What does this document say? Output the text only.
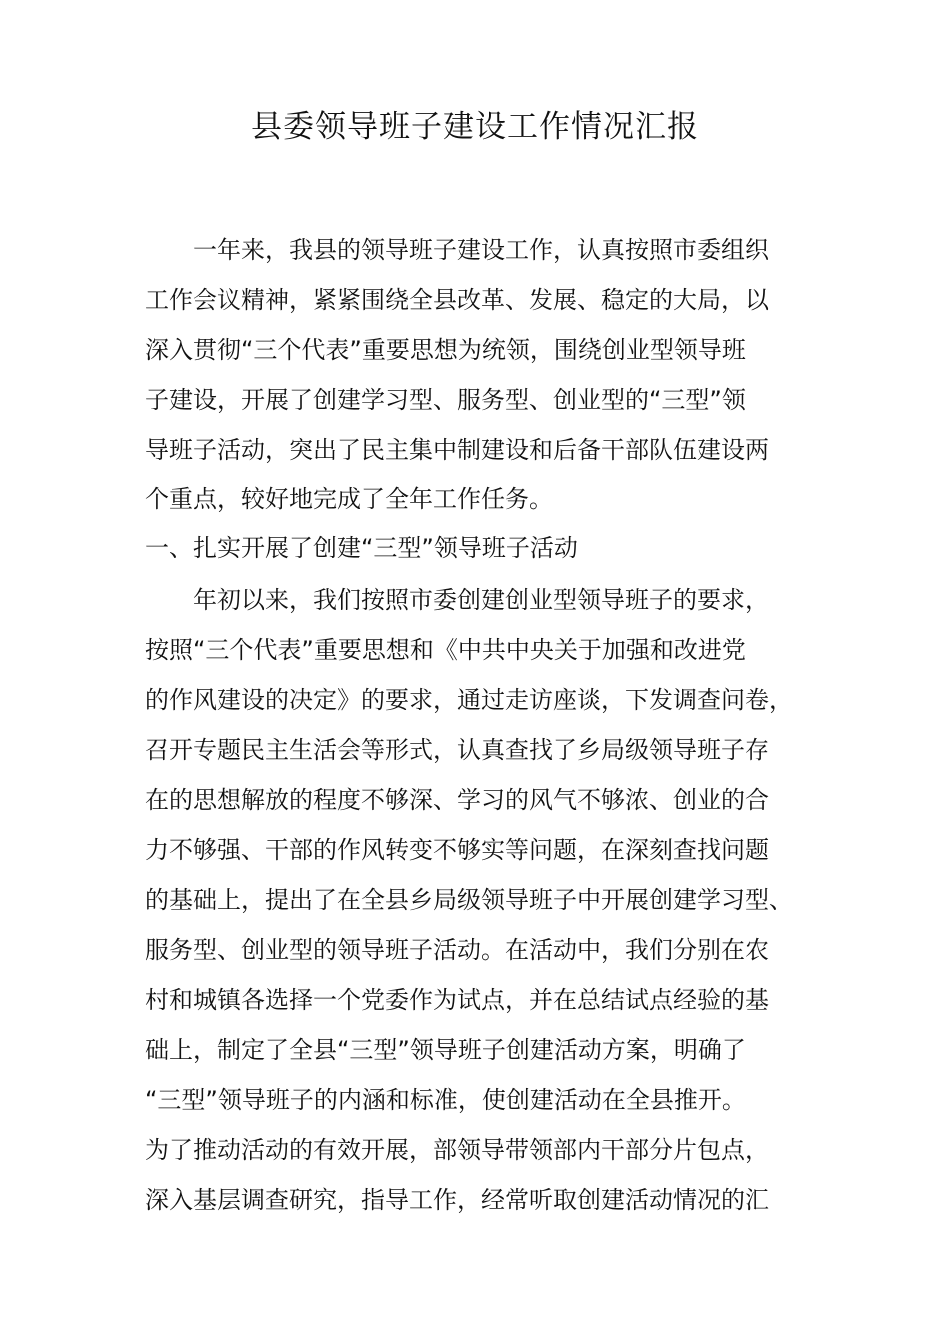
县委领导班子建设工作情况汇报

一年来，我县的领导班子建设工作，认真按照市委组织

工作会议精神，紧紧围绕全县改革、发展、稳定的大局，以

深入贯彻“三个代表”重要思想为统领，围绕创业型领导班

子建设，开展了创建学习型、服务型、创业型的“三型”领

导班子活动，突出了民主集中制建设和后备干部队伍建设两

个重点，较好地完成了全年工作任务。

一、扎实开展了创建“三型”领导班子活动

年初以来，我们按照市委创建创业型领导班子的要求，

按照“三个代表”重要思想和《中共中央关于加强和改进党

的作风建设的决定》的要求，通过走访座谈，下发调查问卷，

召开专题民主生活会等形式，认真查找了乡局级领导班子存

在的思想解放的程度不够深、学习的风气不够浓、创业的合

力不够强、干部的作风转变不够实等问题，在深刻查找问题

的基础上，提出了在全县乡局级领导班子中开展创建学习型、

服务型、创业型的领导班子活动。在活动中，我们分别在农

村和城镇各选择一个党委作为试点，并在总结试点经验的基

础上，制定了全县“三型”领导班子创建活动方案，明确了

“三型”领导班子的内涵和标准，使创建活动在全县推开。

为了推动活动的有效开展，部领导带领部内干部分片包点，

深入基层调查研究，指导工作，经常听取创建活动情况的汇
